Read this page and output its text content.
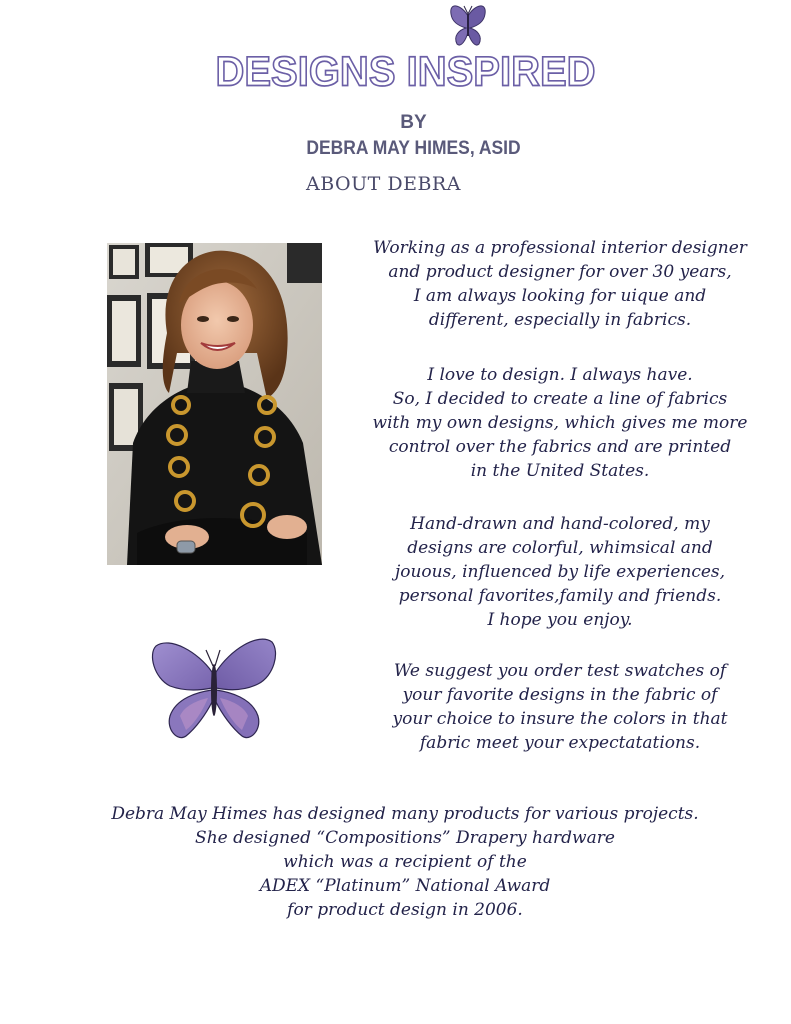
DESIGNS INSPIRED
BY
DEBRA MAY HIMES, ASID
ABOUT DEBRA
Working as a professional interior designer
and product designer for over 30 years,
I am always looking for uique and
different, especially in fabrics.
I love to design. I always have.
So, I decided to create a line of fabrics
with my own designs, which gives me more
control over the fabrics and are printed
in the United States.
Hand-drawn and hand-colored, my
designs are colorful, whimsical and
jouous, influenced by life experiences,
personal favorites,family and friends.
I hope you enjoy.
We suggest you order test swatches of
your favorite designs in the fabric of
your choice to insure the colors in that
fabric meet your expectatations.
Debra May Himes has designed many products for various projects.
She designed “Compositions” Drapery hardware
which was a recipient of the
ADEX “Platinum” National Award
for product design in 2006.
